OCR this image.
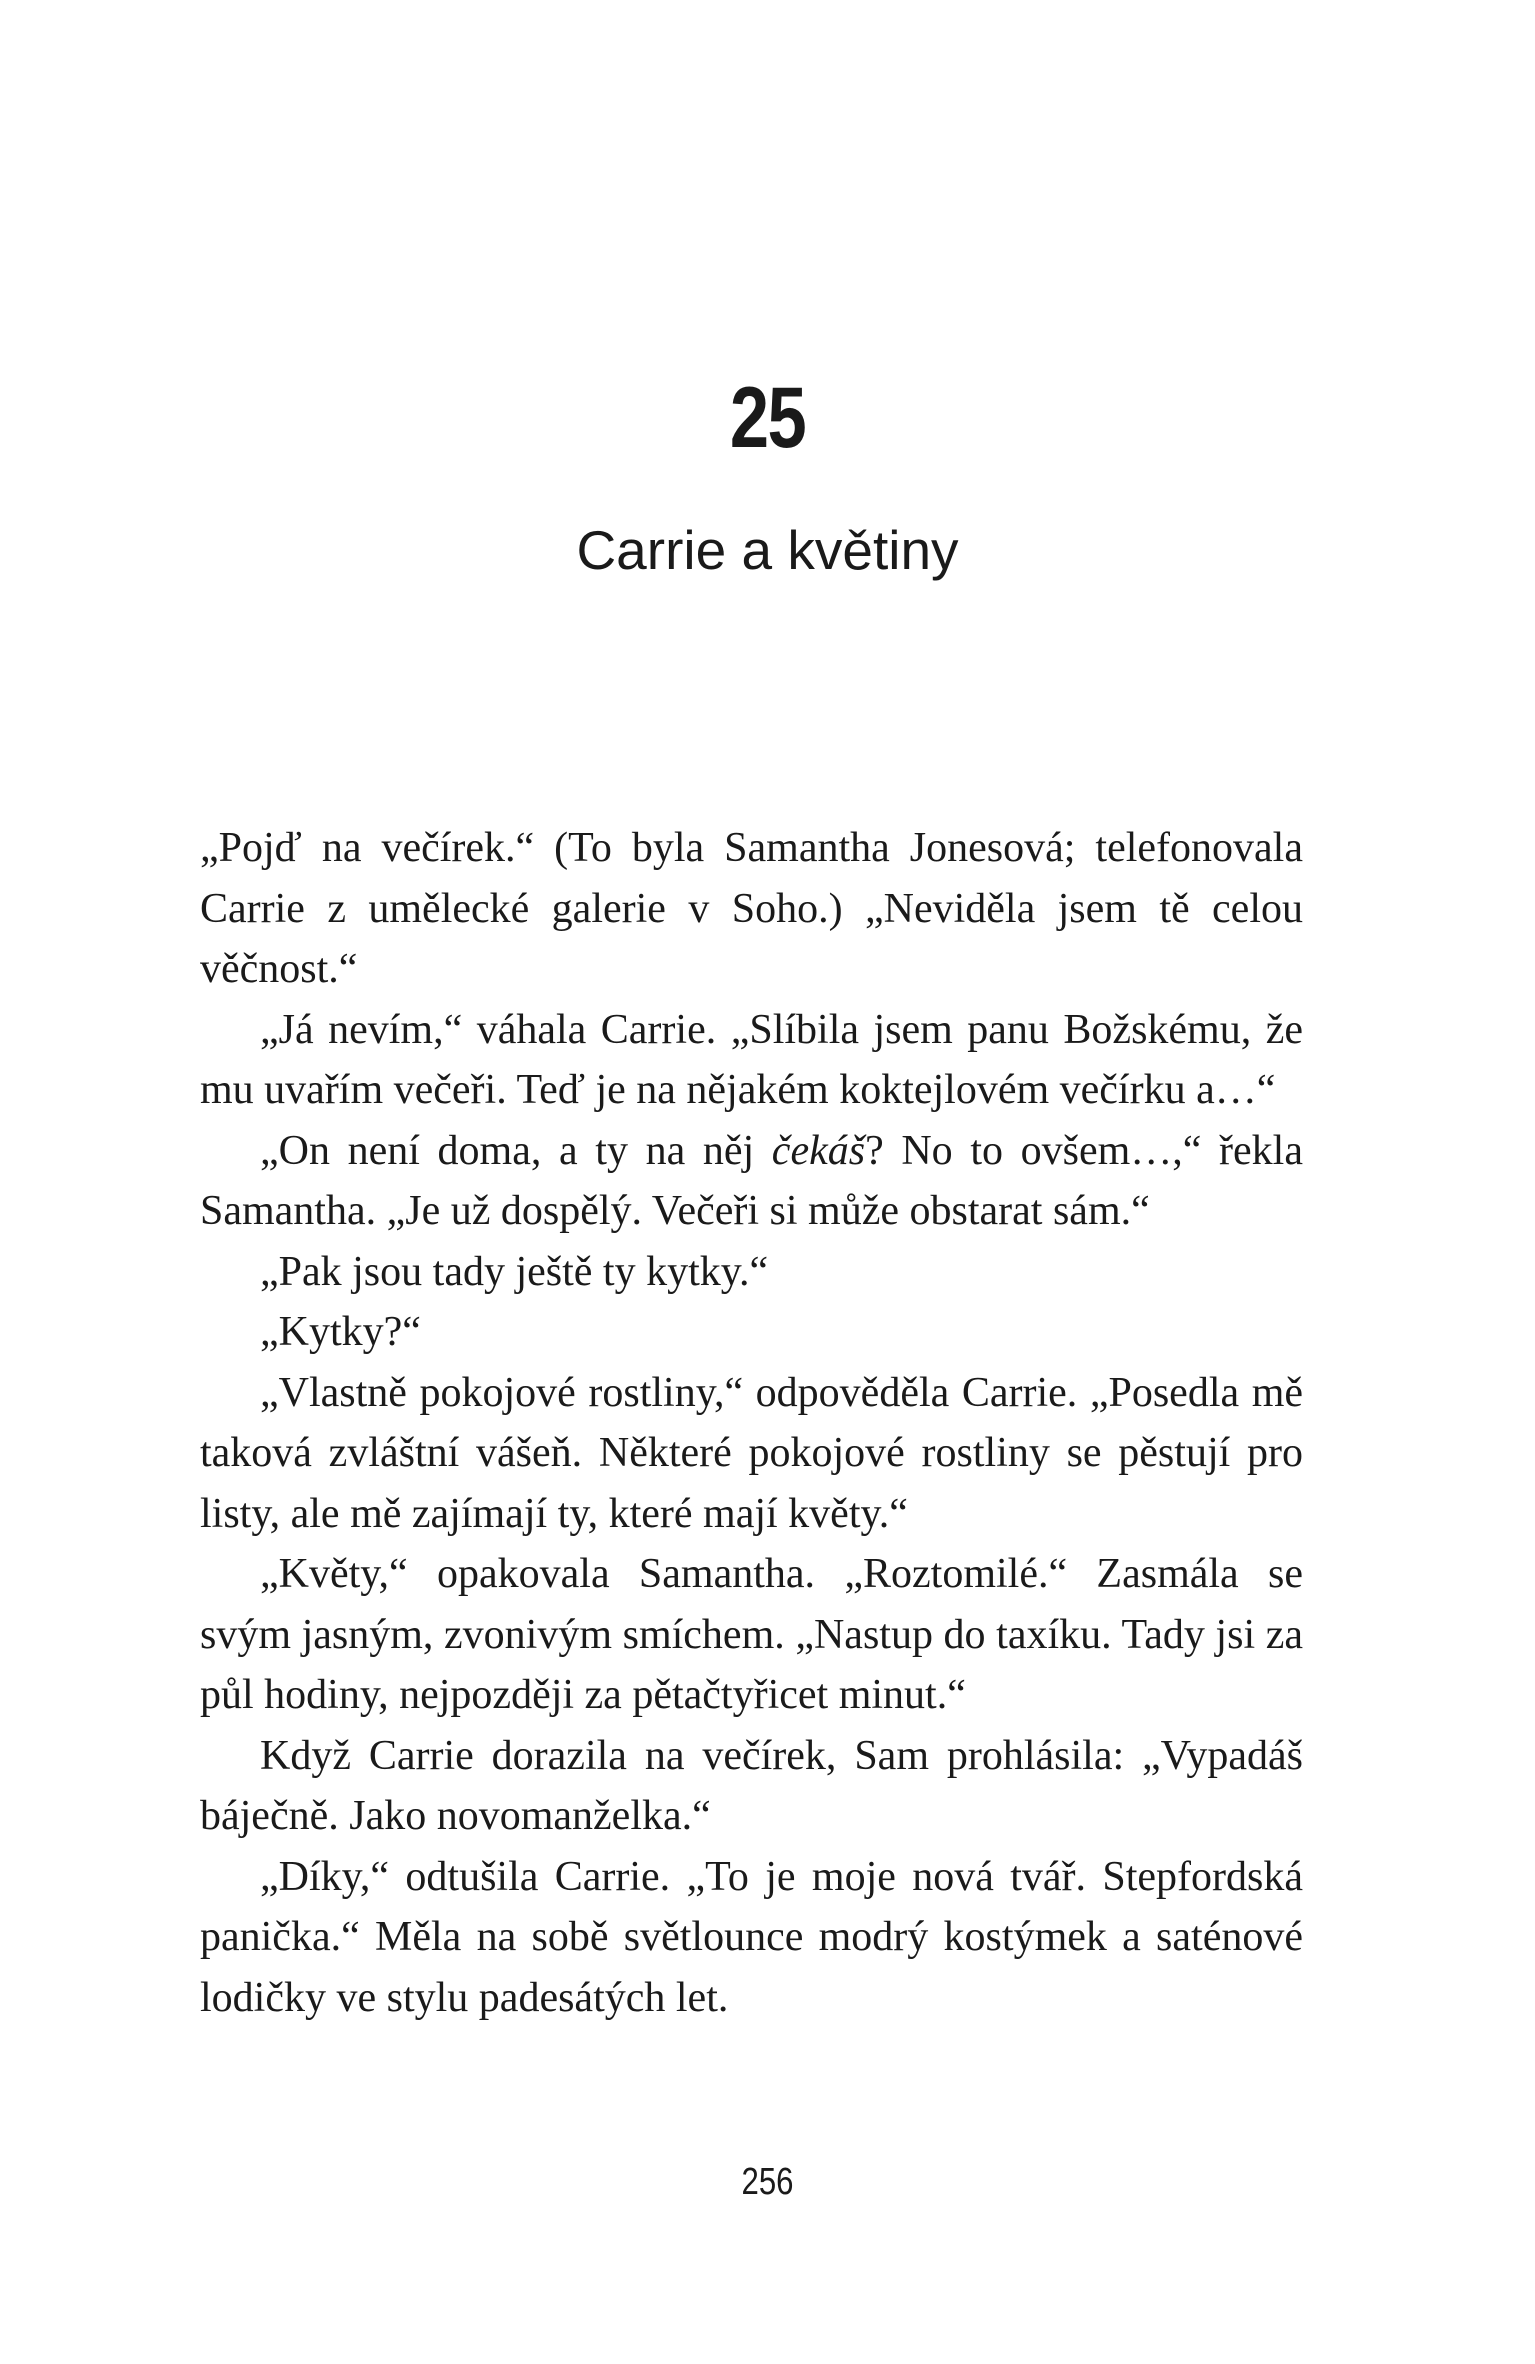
25
Carrie a květiny

„Pojď na večírek.“ (To byla Samantha Jonesová; telefonovala Carrie z umělecké galerie v Soho.) „Neviděla jsem tě celou věčnost.“

„Já nevím,“ váhala Carrie. „Slíbila jsem panu Božskému, že mu uvařím večeři. Teď je na nějakém koktejlovém večírku a…“

„On není doma, a ty na něj čekáš? No to ovšem…,“ řekla Samantha. „Je už dospělý. Večeři si může obstarat sám.“

„Pak jsou tady ještě ty kytky.“

„Kytky?“

„Vlastně pokojové rostliny,“ odpověděla Carrie. „Posedla mě taková zvláštní vášeň. Některé pokojové rostliny se pěstují pro listy, ale mě zajímají ty, které mají květy.“

„Květy,“ opakovala Samantha. „Roztomilé.“ Zasmála se svým jasným, zvonivým smíchem. „Nastup do taxíku. Tady jsi za půl hodiny, nejpozději za pětačtyřicet minut.“

Když Carrie dorazila na večírek, Sam prohlásila: „Vypadáš báječně. Jako novomanželka.“

„Díky,“ odtušila Carrie. „To je moje nová tvář. Stepfordská panička.“ Měla na sobě světlounce modrý kostýmek a saténové lodičky ve stylu padesátých let.

256
